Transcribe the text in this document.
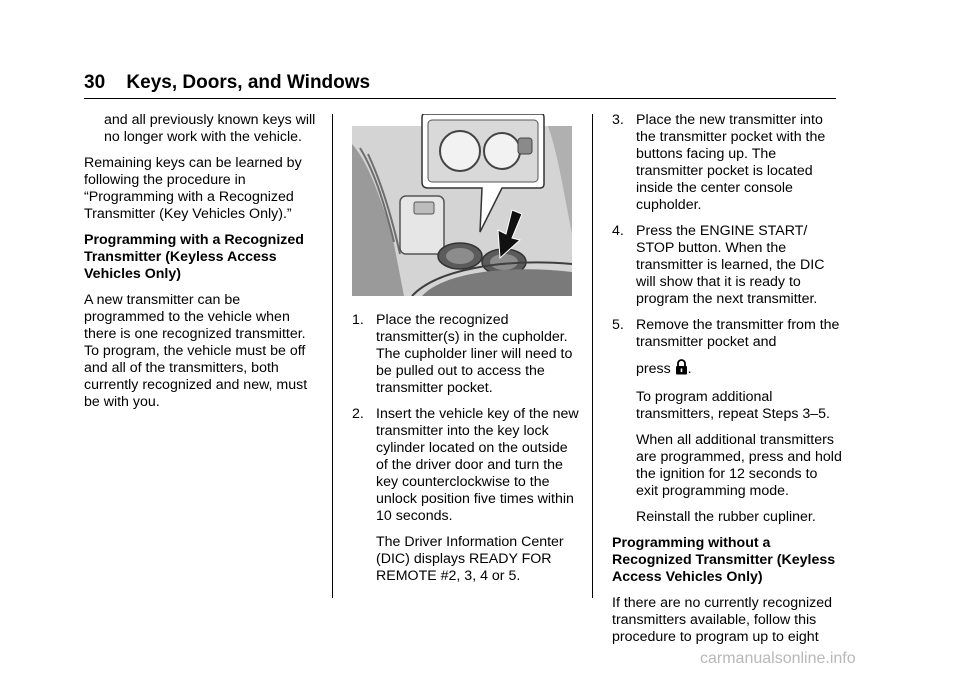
30 Keys, Doors, and Windows

and all previously known keys will no longer work with the vehicle.

Remaining keys can be learned by following the procedure in “Programming with a Recognized Transmitter (Key Vehicles Only).”

Programming with a Recognized Transmitter (Keyless Access Vehicles Only)

A new transmitter can be programmed to the vehicle when there is one recognized transmitter. To program, the vehicle must be off and all of the transmitters, both currently recognized and new, must be with you.

1. Place the recognized transmitter(s) in the cupholder. The cupholder liner will need to be pulled out to access the transmitter pocket.
2. Insert the vehicle key of the new transmitter into the key lock cylinder located on the outside of the driver door and turn the key counterclockwise to the unlock position five times within 10 seconds.

The Driver Information Center (DIC) displays READY FOR REMOTE #2, 3, 4 or 5.

3. Place the new transmitter into the transmitter pocket with the buttons facing up. The transmitter pocket is located inside the center console cupholder.
4. Press the ENGINE START/ STOP button. When the transmitter is learned, the DIC will show that it is ready to program the next transmitter.
5. Remove the transmitter from the transmitter pocket and
press .

To program additional transmitters, repeat Steps 3–5.

When all additional transmitters are programmed, press and hold the ignition for 12 seconds to exit programming mode.

Reinstall the rubber cupliner.

Programming without a Recognized Transmitter (Keyless Access Vehicles Only)

If there are no currently recognized transmitters available, follow this procedure to program up to eight

carmanualsonline.info
